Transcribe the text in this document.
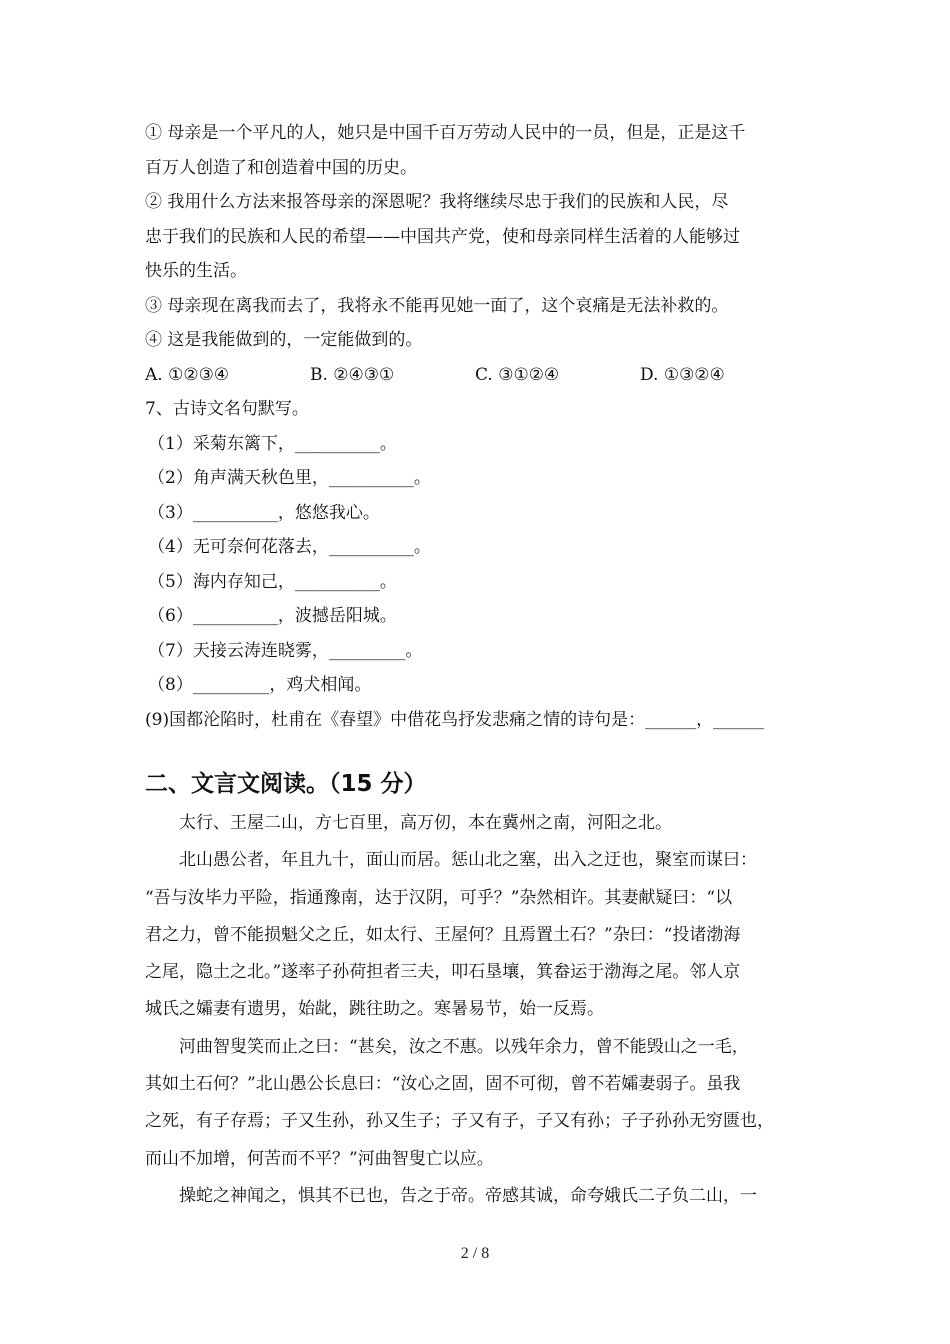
① 母亲是一个平凡的人，她只是中国千百万劳动人民中的一员，但是，正是这千
百万人创造了和创造着中国的历史。
② 我用什么方法来报答母亲的深恩呢？我将继续尽忠于我们的民族和人民，尽
忠于我们的民族和人民的希望——中国共产党，使和母亲同样生活着的人能够过
快乐的生活。
③ 母亲现在离我而去了，我将永不能再见她一面了，这个哀痛是无法补救的。
④ 这是我能做到的，一定能做到的。
A. ①②③④	B. ②④③①	C. ③①②④	D. ①③②④
7、古诗文名句默写。
（1）采菊东篱下，__________。
（2）角声满天秋色里，__________。
（3）__________，悠悠我心。
（4）无可奈何花落去，__________。
（5）海内存知己，__________。
（6）__________，波撼岳阳城。
（7）天接云涛连晓雾，_________。
（8）_________，鸡犬相闻。
(9)国都沦陷时，杜甫在《春望》中借花鸟抒发悲痛之情的诗句是：______，______
二、文言文阅读。（15 分）
　　太行、王屋二山，方七百里，高万仞，本在冀州之南，河阳之北。
　　北山愚公者，年且九十，面山而居。惩山北之塞，出入之迂也，聚室而谋曰：
“吾与汝毕力平险，指通豫南，达于汉阴，可乎？”杂然相许。其妻献疑曰：“以
君之力，曾不能损魁父之丘，如太行、王屋何？且焉置土石？”杂曰：“投诸渤海
之尾，隐土之北。”遂率子孙荷担者三夫，叩石垦壤，箕畚运于渤海之尾。邻人京
城氏之孀妻有遗男，始龀，跳往助之。寒暑易节，始一反焉。
　　河曲智叟笑而止之曰：“甚矣，汝之不惠。以残年余力，曾不能毁山之一毛，
其如土石何？”北山愚公长息曰：“汝心之固，固不可彻，曾不若孀妻弱子。虽我
之死，有子存焉；子又生孙，孙又生子；子又有子，子又有孙；子子孙孙无穷匮也，
而山不加增，何苦而不平？”河曲智叟亡以应。
　　操蛇之神闻之，惧其不已也，告之于帝。帝感其诚，命夸娥氏二子负二山，一
2 / 8
